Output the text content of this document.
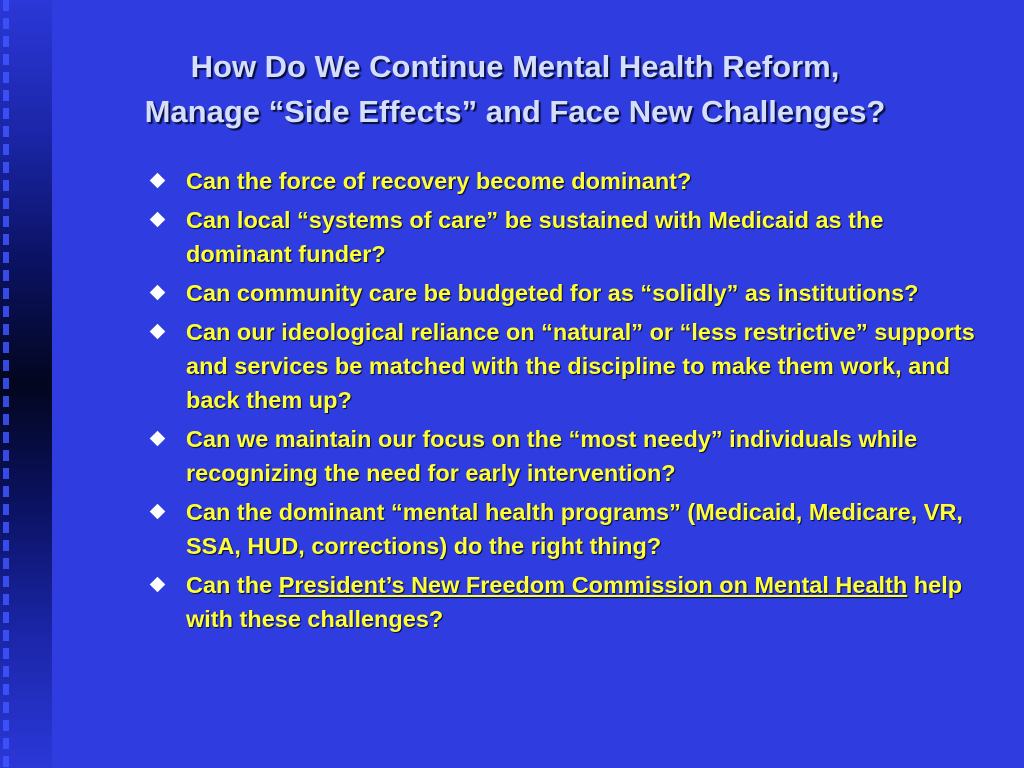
How Do We Continue Mental Health Reform,
Manage “Side Effects” and Face New Challenges?
Can the force of recovery become dominant?
Can local “systems of care” be sustained with Medicaid as the dominant funder?
Can community care be budgeted for as “solidly” as institutions?
Can our ideological reliance on “natural” or “less restrictive” supports and services be matched with the discipline to make them work, and back them up?
Can we maintain our focus on the “most needy” individuals while recognizing the need for early intervention?
Can the dominant “mental health programs” (Medicaid, Medicare, VR, SSA, HUD, corrections) do the right thing?
Can the President’s New Freedom Commission on Mental Health help with these challenges?
